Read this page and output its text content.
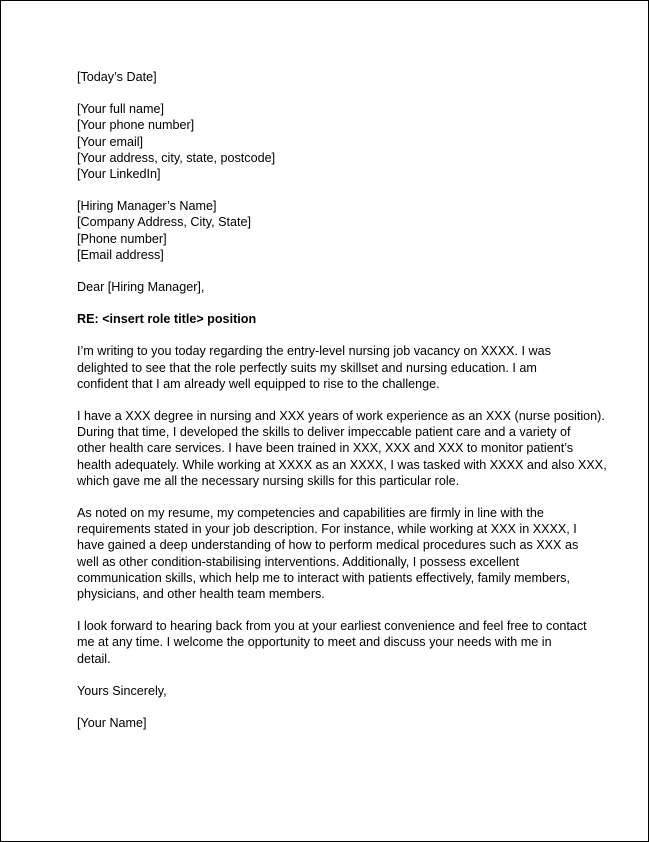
[Today’s Date]
[Your full name]
[Your phone number]
[Your email]
[Your address, city, state, postcode]
[Your LinkedIn]
[Hiring Manager’s Name]
[Company Address, City, State]
[Phone number]
[Email address]
Dear [Hiring Manager],
RE: <insert role title> position
I’m writing to you today regarding the entry-level nursing job vacancy on XXXX. I was
delighted to see that the role perfectly suits my skillset and nursing education. I am
confident that I am already well equipped to rise to the challenge.
I have a XXX degree in nursing and XXX years of work experience as an XXX (nurse position).
During that time, I developed the skills to deliver impeccable patient care and a variety of
other health care services. I have been trained in XXX, XXX and XXX to monitor patient’s
health adequately. While working at XXXX as an XXXX, I was tasked with XXXX and also XXX,
which gave me all the necessary nursing skills for this particular role.
As noted on my resume, my competencies and capabilities are firmly in line with the
requirements stated in your job description. For instance, while working at XXX in XXXX, I
have gained a deep understanding of how to perform medical procedures such as XXX as
well as other condition-stabilising interventions. Additionally, I possess excellent
communication skills, which help me to interact with patients effectively, family members,
physicians, and other health team members.
I look forward to hearing back from you at your earliest convenience and feel free to contact
me at any time. I welcome the opportunity to meet and discuss your needs with me in
detail.
Yours Sincerely,
[Your Name]
